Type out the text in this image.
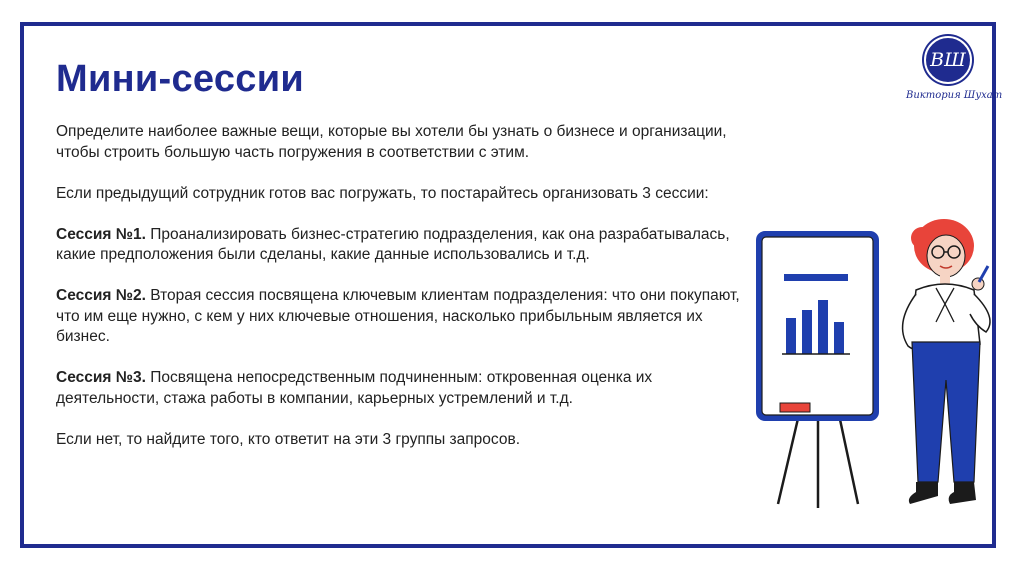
Мини-сессии

Определите наиболее важные вещи, которые вы хотели бы узнать о бизнесе и организации, чтобы строить большую часть погружения в соответствии с этим.

Если предыдущий сотрудник готов вас погружать, то постарайтесь организовать 3 сессии:

Сессия №1. Проанализировать бизнес-стратегию подразделения, как она разрабатывалась, какие предположения были сделаны, какие данные использовались и т.д.

Сессия №2. Вторая сессия посвящена ключевым клиентам подразделения: что они покупают, что им еще нужно, с кем у них ключевые отношения, насколько прибыльным является их бизнес.

Сессия №3. Посвящена непосредственным подчиненным: откровенная оценка их деятельности, стажа работы в компании, карьерных устремлений и т.д.

Если нет, то найдите того, кто ответит на эти 3 группы запросов.

ВШ
Виктория Шухат
